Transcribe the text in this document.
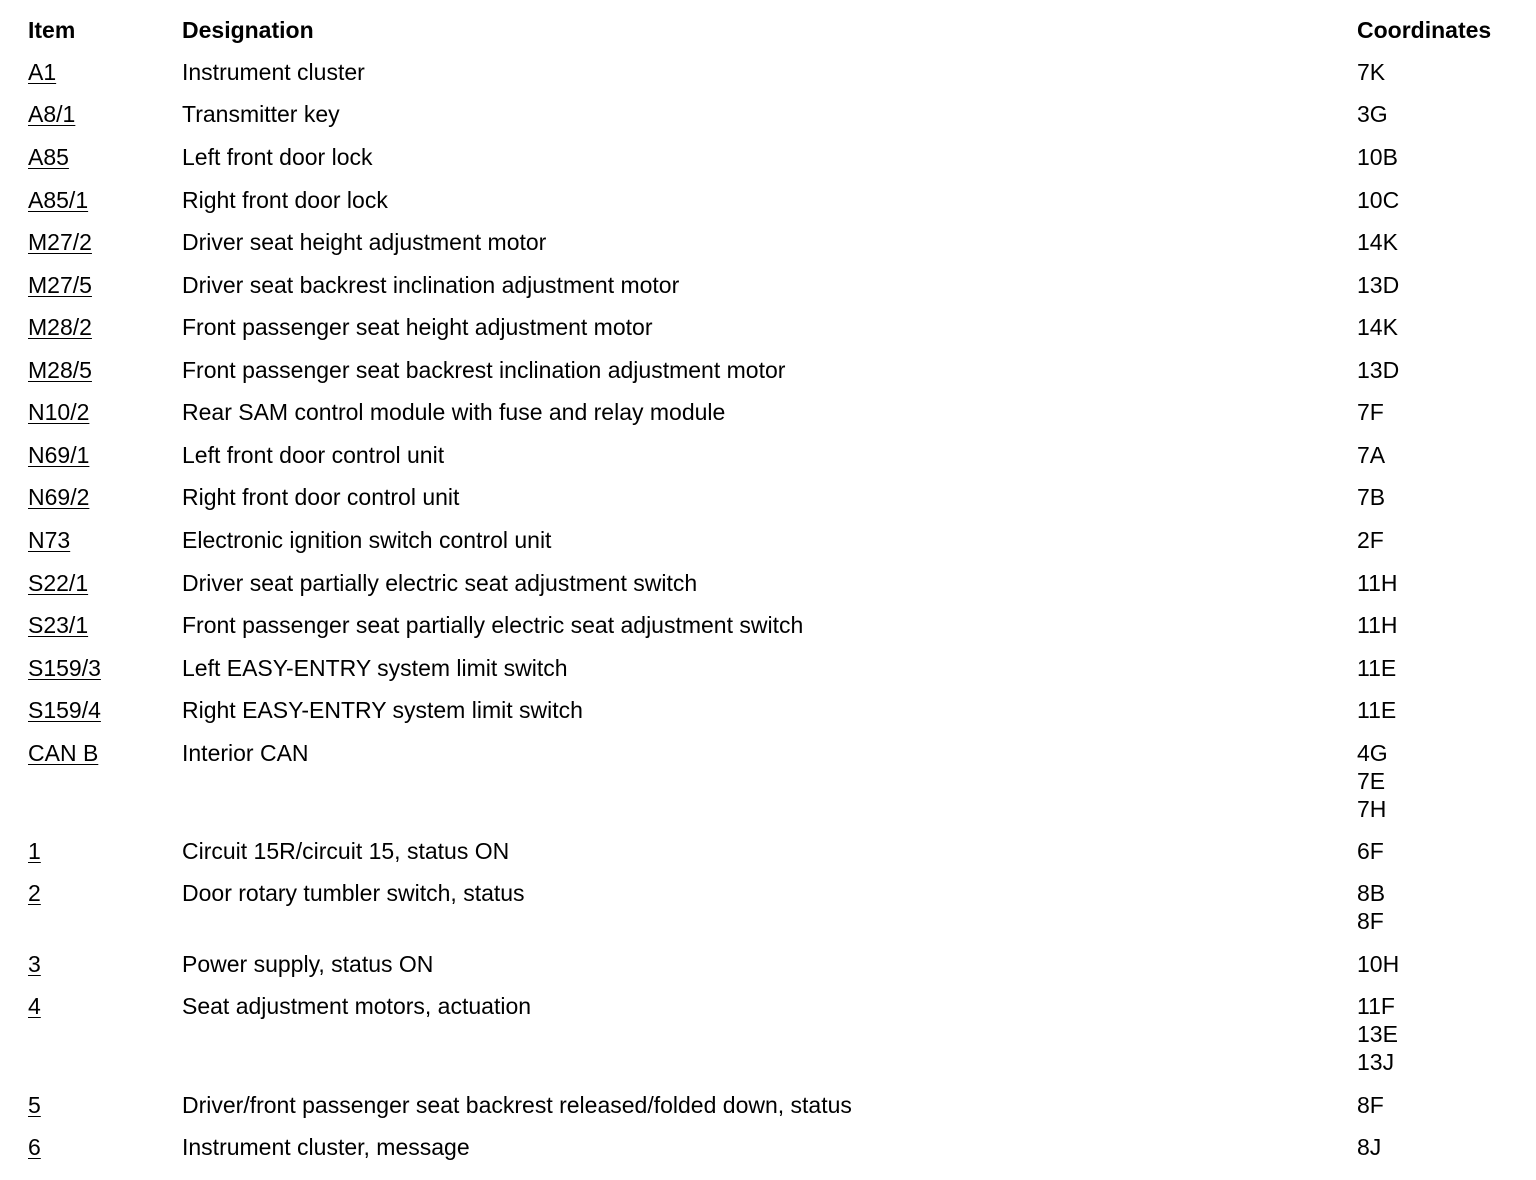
Item	Designation	Coordinates
A1	Instrument cluster	7K
A8/1	Transmitter key	3G
A85	Left front door lock	10B
A85/1	Right front door lock	10C
M27/2	Driver seat height adjustment motor	14K
M27/5	Driver seat backrest inclination adjustment motor	13D
M28/2	Front passenger seat height adjustment motor	14K
M28/5	Front passenger seat backrest inclination adjustment motor	13D
N10/2	Rear SAM control module with fuse and relay module	7F
N69/1	Left front door control unit	7A
N69/2	Right front door control unit	7B
N73	Electronic ignition switch control unit	2F
S22/1	Driver seat partially electric seat adjustment switch	11H
S23/1	Front passenger seat partially electric seat adjustment switch	11H
S159/3	Left EASY-ENTRY system limit switch	11E
S159/4	Right EASY-ENTRY system limit switch	11E
CAN B	Interior CAN	4G
7E
7H
1	Circuit 15R/circuit 15, status ON	6F
2	Door rotary tumbler switch, status	8B
8F
3	Power supply, status ON	10H
4	Seat adjustment motors, actuation	11F
13E
13J
5	Driver/front passenger seat backrest released/folded down, status	8F
6	Instrument cluster, message	8J
